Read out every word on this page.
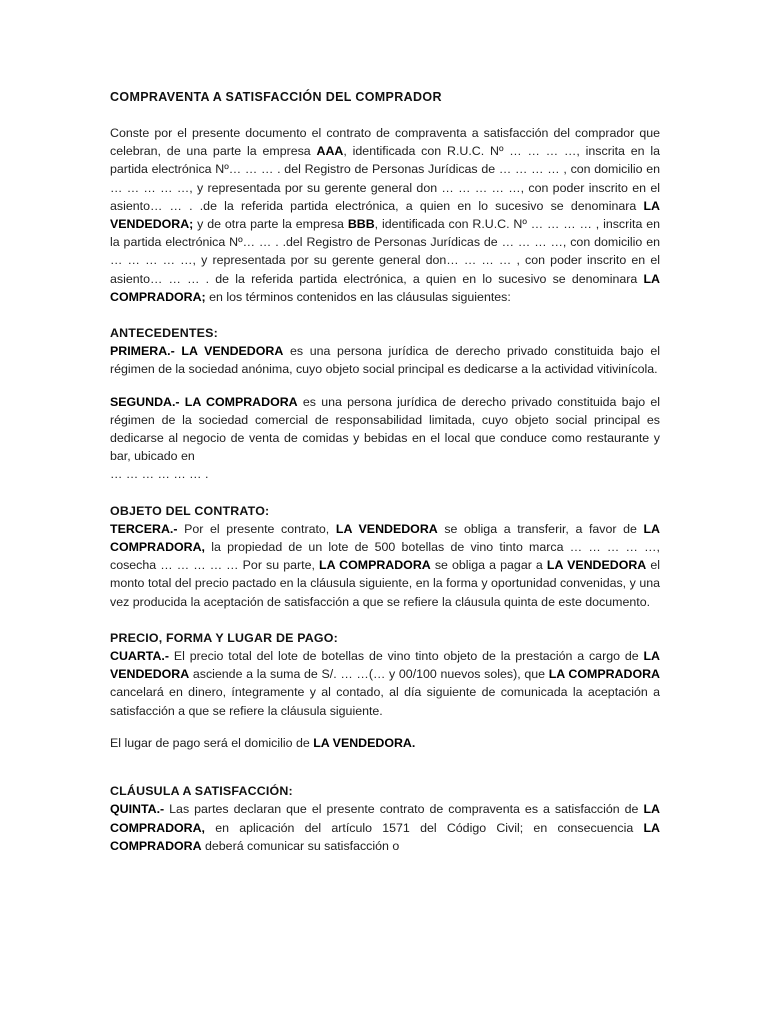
COMPRAVENTA A SATISFACCIÓN DEL COMPRADOR

Conste por el presente documento el contrato de compraventa a satisfacción del comprador que celebran, de una parte la empresa AAA, identificada con R.U.C. Nº … … … …, inscrita en la partida electrónica Nº… … … . del Registro de Personas Jurídicas de … … … … , con domicilio en … … … … …, y representada por su gerente general don … … … … …, con poder inscrito en el asiento… … . .de la referida partida electrónica, a quien en lo sucesivo se denominara LA VENDEDORA; y de otra parte la empresa BBB, identificada con R.U.C. Nº … … … … , inscrita en la partida electrónica Nº… … . .del Registro de Personas Jurídicas de … … … …, con domicilio en … … … … …, y representada por su gerente general don… … … … , con poder inscrito en el asiento… … … . de la referida partida electrónica, a quien en lo sucesivo se denominara LA COMPRADORA; en los términos contenidos en las cláusulas siguientes:

ANTECEDENTES:

PRIMERA.- LA VENDEDORA es una persona jurídica de derecho privado constituida bajo el régimen de la sociedad anónima, cuyo objeto social principal es dedicarse a la actividad vitivinícola.

SEGUNDA.- LA COMPRADORA es una persona jurídica de derecho privado constituida bajo el régimen de la sociedad comercial de responsabilidad limitada, cuyo objeto social principal es dedicarse al negocio de venta de comidas y bebidas en el local que conduce como restaurante y bar, ubicado en

… … … … … … .

OBJETO DEL CONTRATO:

TERCERA.- Por el presente contrato, LA VENDEDORA se obliga a transferir, a favor de LA COMPRADORA, la propiedad de un lote de 500 botellas de vino tinto marca … … … … …, cosecha … … … … … Por su parte, LA COMPRADORA se obliga a pagar a LA VENDEDORA el monto total del precio pactado en la cláusula siguiente, en la forma y oportunidad convenidas, y una vez producida la aceptación de satisfacción a que se refiere la cláusula quinta de este documento.

PRECIO, FORMA Y LUGAR DE PAGO:

CUARTA.- El precio total del lote de botellas de vino tinto objeto de la prestación a cargo de LA VENDEDORA asciende a la suma de S/. … …(… y 00/100 nuevos soles), que LA COMPRADORA cancelará en dinero, íntegramente y al contado, al día siguiente de comunicada la aceptación a satisfacción a que se refiere la cláusula siguiente.

El lugar de pago será el domicilio de LA VENDEDORA.

CLÁUSULA A SATISFACCIÓN:

QUINTA.- Las partes declaran que el presente contrato de compraventa es a satisfacción de LA COMPRADORA, en aplicación del artículo 1571 del Código Civil; en consecuencia LA COMPRADORA deberá comunicar su satisfacción o
